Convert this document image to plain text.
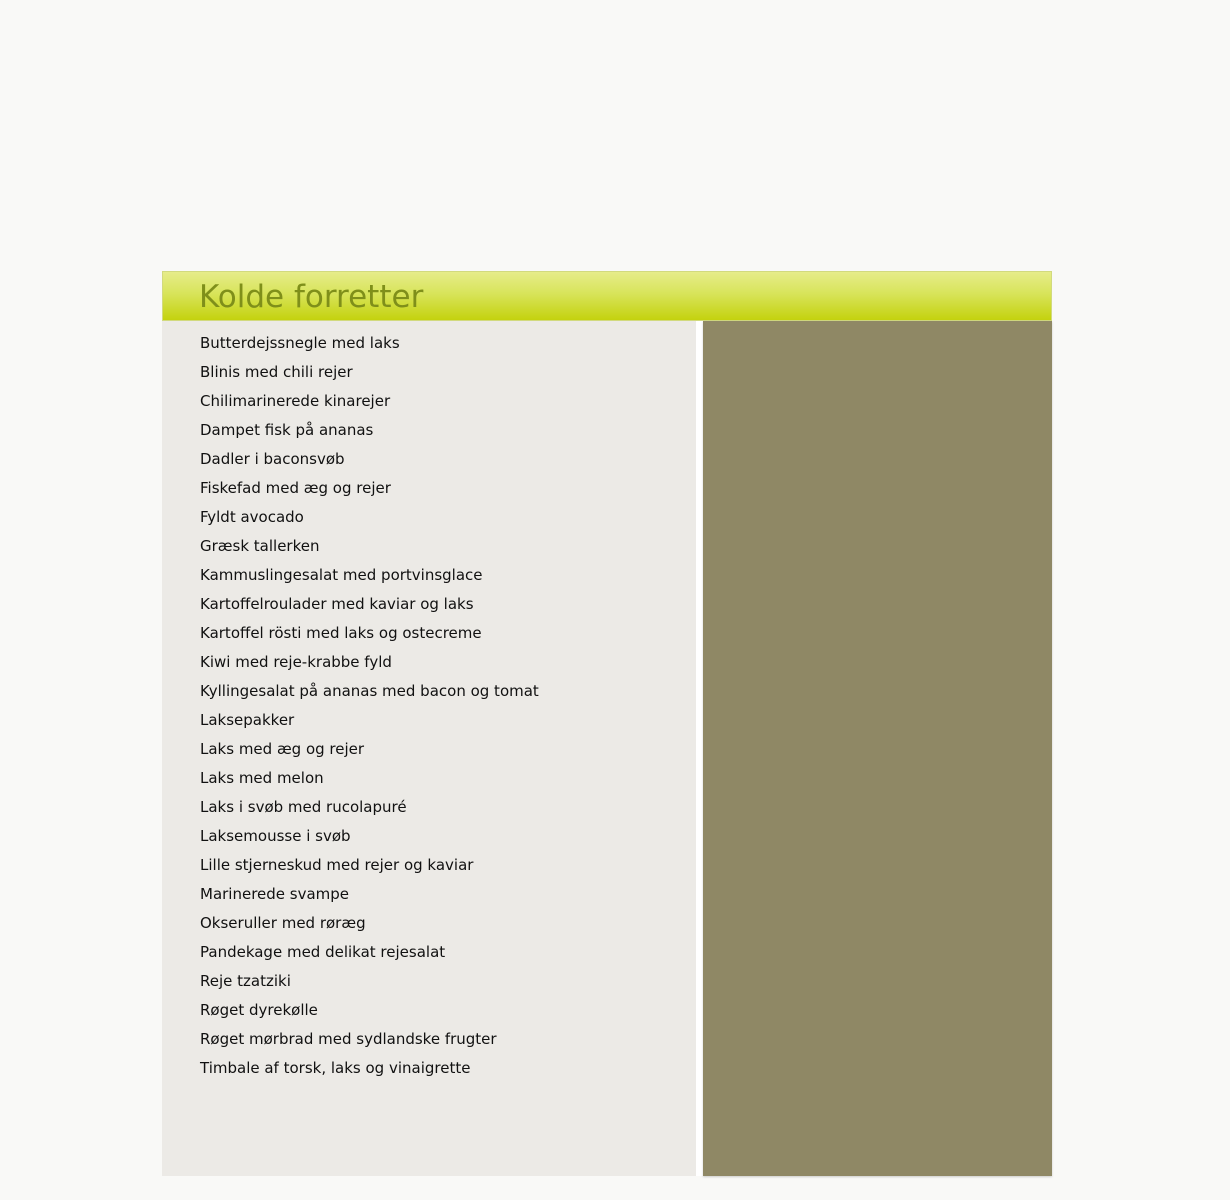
Kolde forretter
Butterdejssnegle med laks
Blinis med chili rejer
Chilimarinerede kinarejer
Dampet fisk på ananas
Dadler i baconsvøb
Fiskefad med æg og rejer
Fyldt avocado
Græsk tallerken
Kammuslingesalat med portvinsglace
Kartoffelroulader med kaviar og laks
Kartoffel rösti med laks og ostecreme
Kiwi med reje-krabbe fyld
Kyllingesalat på ananas med bacon og tomat
Laksepakker
Laks med æg og rejer
Laks med melon
Laks i svøb med rucolapuré
Laksemousse i svøb
Lille stjerneskud med rejer og kaviar
Marinerede svampe
Okseruller med røræg
Pandekage med delikat rejesalat
Reje tzatziki
Røget dyrekølle
Røget mørbrad med sydlandske frugter
Timbale af torsk, laks og vinaigrette
